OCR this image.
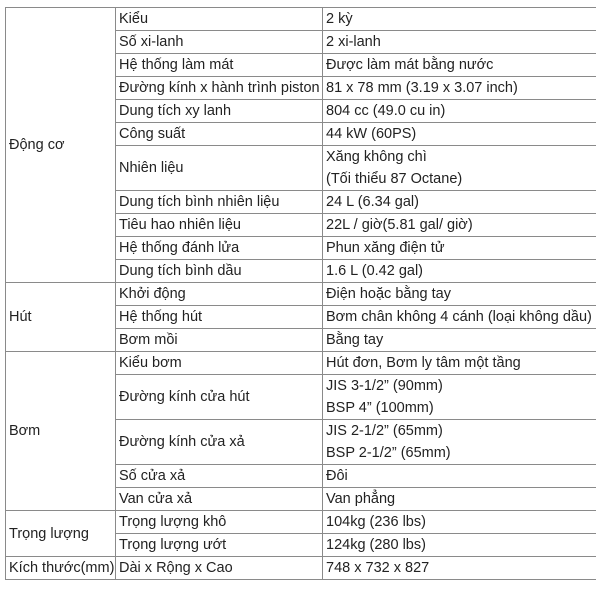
Động cơ	Kiểu	2 kỳ

	Số xi-lanh	2 xi-lanh

	Hệ thống làm mát	Được làm mát bằng nước

	Đường kính x hành trình piston	81 x 78 mm (3.19 x 3.07 inch)

	Dung tích xy lanh	804 cc (49.0 cu in)

	Công suất	44 kW (60PS)

	Nhiên liệu	Xăng không chì
(Tối thiểu 87 Octane)

	Dung tích bình nhiên liệu	24 L (6.34 gal)

	Tiêu hao nhiên liệu	22L / giờ(5.81 gal/ giờ)

	Hệ thống đánh lửa	Phun xăng điện tử

	Dung tích bình dầu	1.6 L (0.42 gal)

Hút	Khởi động	Điện hoặc bằng tay

	Hệ thống hút	Bơm chân không 4 cánh (loại không dầu)

	Bơm mồi	Bằng tay

Bơm	Kiểu bơm	Hút đơn, Bơm ly tâm một tầng

	Đường kính cửa hút	JIS 3-1/2” (90mm)
BSP 4” (100mm)

	Đường kính cửa xả	JIS 2-1/2” (65mm)
BSP 2-1/2” (65mm)

	Số cửa xả	Đôi

	Van cửa xả	Van phẳng

Trọng lượng	Trọng lượng khô	104kg (236 lbs)

	Trọng lượng ướt	124kg (280 lbs)

Kích thước(mm)	Dài x Rộng x Cao	748 x 732 x 827
